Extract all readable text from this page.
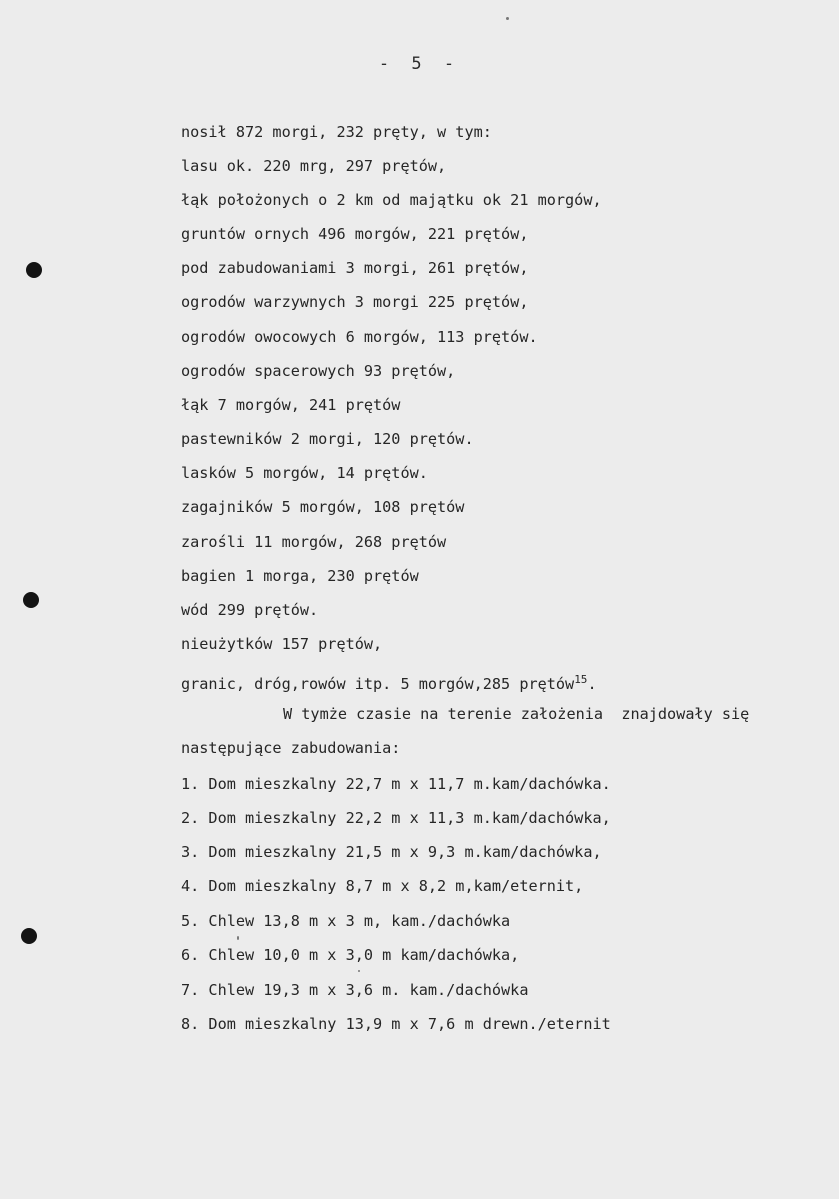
- 5 -
nosił 872 morgi, 232 pręty, w tym:
lasu ok. 220 mrg, 297 prętów,
łąk położonych o 2 km od majątku ok 21 morgów,
gruntów ornych 496 morgów, 221 prętów,
pod zabudowaniami 3 morgi, 261 prętów,
ogrodów warzywnych 3 morgi 225 prętów,
ogrodów owocowych 6 morgów, 113 prętów.
ogrodów spacerowych 93 prętów,
łąk 7 morgów, 241 prętów
pastewników 2 morgi, 120 prętów.
lasków 5 morgów, 14 prętów.
zagajników 5 morgów, 108 prętów
zarośli 11 morgów, 268 prętów
bagien 1 morga, 230 prętów
wód 299 prętów.
nieużytków 157 prętów,
granic, dróg,rowów itp. 5 morgów,285 prętów$^{15}$.
W tymże czasie na terenie założenia  znajdowały się
następujące zabudowania:
1. Dom mieszkalny 22,7 m x 11,7 m.kam/dachówka.
2. Dom mieszkalny 22,2 m x 11,3 m.kam/dachówka,
3. Dom mieszkalny 21,5 m x 9,3 m.kam/dachówka,
4. Dom mieszkalny 8,7 m x 8,2 m,kam/eternit,
5. Chlew 13,8 m x 3 m, kam./dachówka
6. Chlew 10,0 m x 3,0 m kam/dachówka,
7. Chlew 19,3 m x 3,6 m. kam./dachówka
8. Dom mieszkalny 13,9 m x 7,6 m drewn./eternit
